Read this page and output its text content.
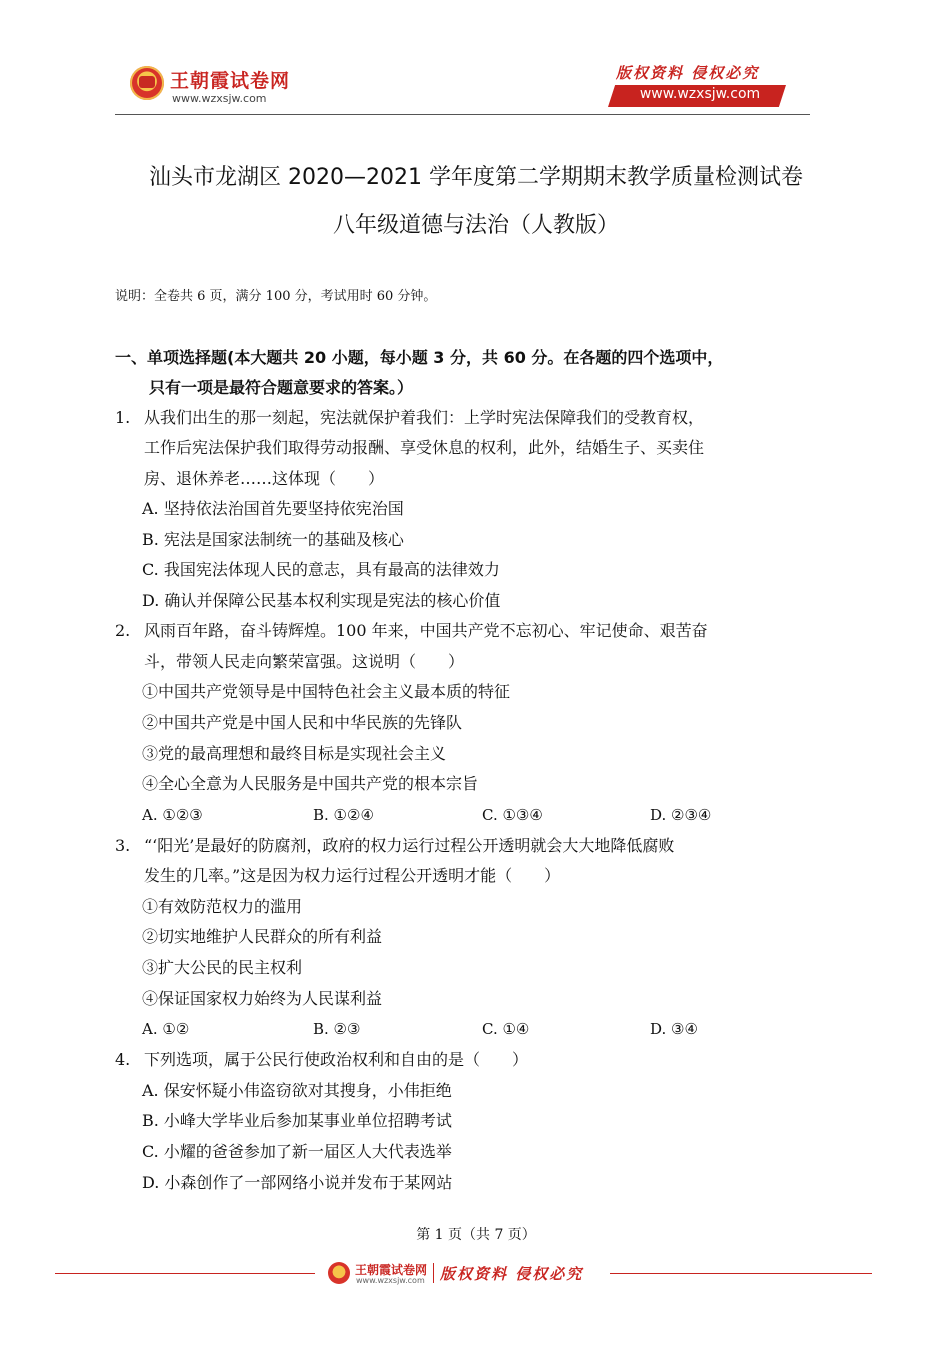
王朝霞试卷网
www.wzxsjw.com
版权资料 侵权必究
www.wzxsjw.com
汕头市龙湖区 2020—2021 学年度第二学期期末教学质量检测试卷
八年级道德与法治（人教版）
说明：全卷共 6 页，满分 100 分，考试用时 60 分钟。
一、单项选择题(本大题共 20 小题，每小题 3 分，共 60 分。在各题的四个选项中，
只有一项是最符合题意要求的答案。）
1. 从我们出生的那一刻起，宪法就保护着我们：上学时宪法保障我们的受教育权，
工作后宪法保护我们取得劳动报酬、享受休息的权利，此外，结婚生子、买卖住
房、退休养老……这体现（　　）
A. 坚持依法治国首先要坚持依宪治国
B. 宪法是国家法制统一的基础及核心
C. 我国宪法体现人民的意志，具有最高的法律效力
D. 确认并保障公民基本权利实现是宪法的核心价值
2. 风雨百年路，奋斗铸辉煌。100 年来，中国共产党不忘初心、牢记使命、艰苦奋
斗，带领人民走向繁荣富强。这说明（　　）
①中国共产党领导是中国特色社会主义最本质的特征
②中国共产党是中国人民和中华民族的先锋队
③党的最高理想和最终目标是实现社会主义
④全心全意为人民服务是中国共产党的根本宗旨
A. ①②③	B. ①②④	C. ①③④	D. ②③④
3. “‘阳光’是最好的防腐剂，政府的权力运行过程公开透明就会大大地降低腐败
发生的几率。”这是因为权力运行过程公开透明才能（　　）
①有效防范权力的滥用
②切实地维护人民群众的所有利益
③扩大公民的民主权利
④保证国家权力始终为人民谋利益
A. ①②	B. ②③	C. ①④	D. ③④
4. 下列选项，属于公民行使政治权利和自由的是（　　）
A. 保安怀疑小伟盗窃欲对其搜身，小伟拒绝
B. 小峰大学毕业后参加某事业单位招聘考试
C. 小耀的爸爸参加了新一届区人大代表选举
D. 小森创作了一部网络小说并发布于某网站
第 1 页（共 7 页）
王朝霞试卷网
www.wzxsjw.com 版权资料 侵权必究
